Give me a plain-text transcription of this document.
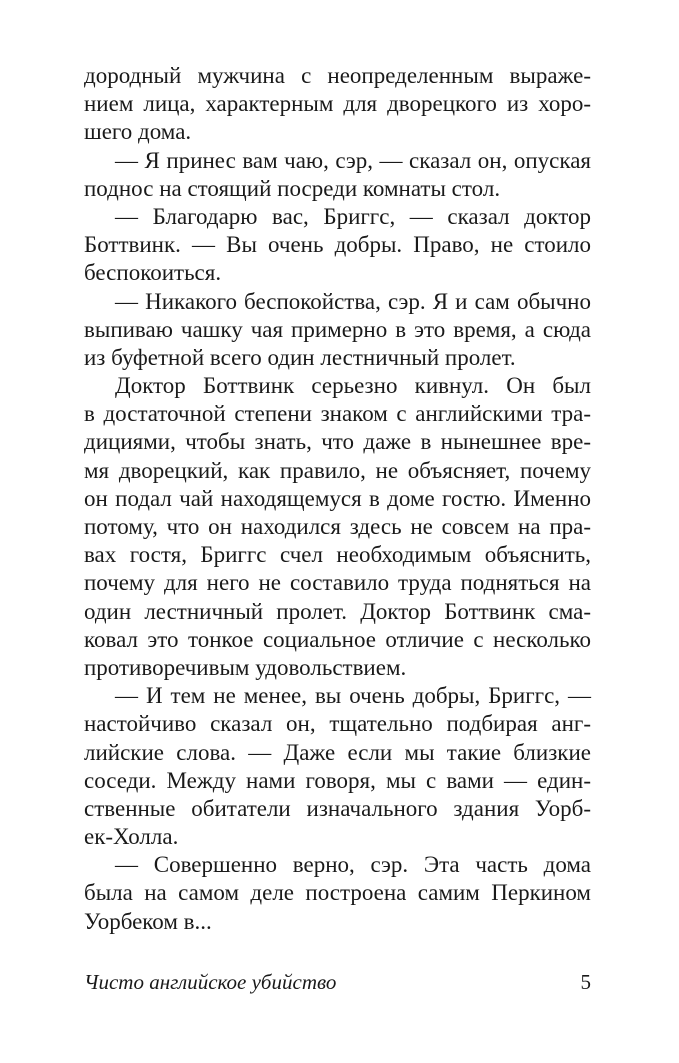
дородный мужчина с неопределенным выраже-
нием лица, характерным для дворецкого из хоро-
шего дома.
— Я принес вам чаю, сэр, — сказал он, опуская
поднос на стоящий посреди комнаты стол.
— Благодарю вас, Бриггс, — сказал доктор
Боттвинк. — Вы очень добры. Право, не стоило
беспокоиться.
— Никакого беспокойства, сэр. Я и сам обычно
выпиваю чашку чая примерно в это время, а сюда
из буфетной всего один лестничный пролет.
Доктор Боттвинк серьезно кивнул. Он был
в достаточной степени знаком с английскими тра-
дициями, чтобы знать, что даже в нынешнее вре-
мя дворецкий, как правило, не объясняет, почему
он подал чай находящемуся в доме гостю. Именно
потому, что он находился здесь не совсем на пра-
вах гостя, Бриггс счел необходимым объяснить,
почему для него не составило труда подняться на
один лестничный пролет. Доктор Боттвинк сма-
ковал это тонкое социальное отличие с несколько
противоречивым удовольствием.
— И тем не менее, вы очень добры, Бриггс, —
настойчиво сказал он, тщательно подбирая анг-
лийские слова. — Даже если мы такие близкие
соседи. Между нами говоря, мы с вами — един-
ственные обитатели изначального здания Уорб-
ек-Холла.
— Совершенно верно, сэр. Эта часть дома
была на самом деле построена самим Перкином
Уорбеком в...
Чисто английское убийство	5
